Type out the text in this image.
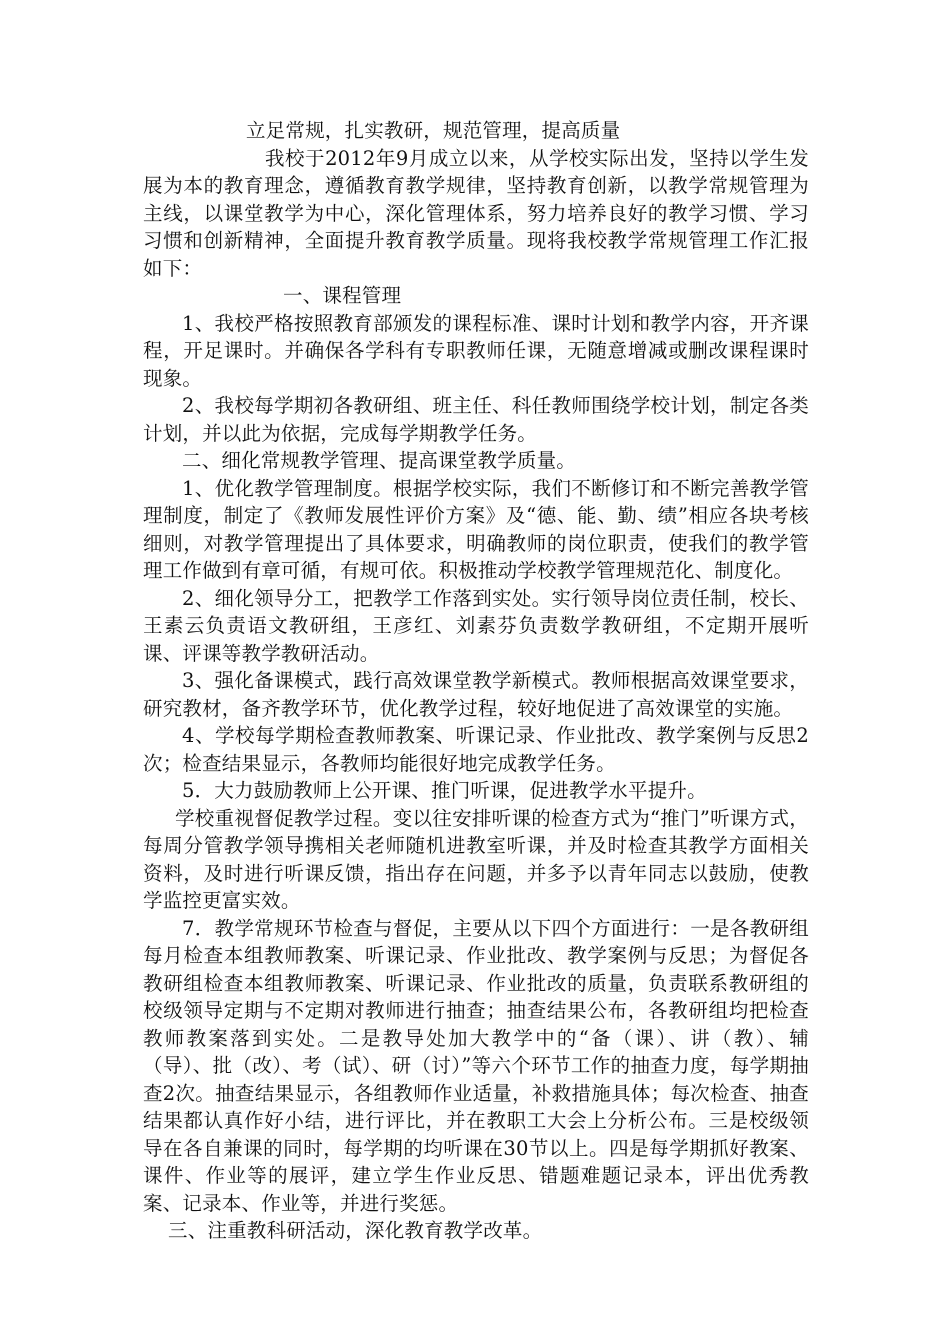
立足常规，扎实教研，规范管理，提高质量

我校于2012年9月成立以来，从学校实际出发，坚持以学生发展为本的教育理念，遵循教育教学规律，坚持教育创新，以教学常规管理为主线，以课堂教学为中心，深化管理体系，努力培养良好的教学习惯、学习习惯和创新精神，全面提升教育教学质量。现将我校教学常规管理工作汇报如下：

一、课程管理

1、我校严格按照教育部颁发的课程标准、课时计划和教学内容，开齐课程，开足课时。并确保各学科有专职教师任课，无随意增减或删改课程课时现象。

2、我校每学期初各教研组、班主任、科任教师围绕学校计划，制定各类计划，并以此为依据，完成每学期教学任务。

二、细化常规教学管理、提高课堂教学质量。

1、优化教学管理制度。根据学校实际，我们不断修订和不断完善教学管理制度，制定了《教师发展性评价方案》及“德、能、勤、绩”相应各块考核细则，对教学管理提出了具体要求，明确教师的岗位职责，使我们的教学管理工作做到有章可循，有规可依。积极推动学校教学管理规范化、制度化。

2、细化领导分工，把教学工作落到实处。实行领导岗位责任制，校长、王素云负责语文教研组，王彦红、刘素芬负责数学教研组，不定期开展听课、评课等教学教研活动。

3、强化备课模式，践行高效课堂教学新模式。教师根据高效课堂要求，研究教材，备齐教学环节，优化教学过程，较好地促进了高效课堂的实施。

4、学校每学期检查教师教案、听课记录、作业批改、教学案例与反思2次；检查结果显示，各教师均能很好地完成教学任务。

5．大力鼓励教师上公开课、推门听课，促进教学水平提升。

学校重视督促教学过程。变以往安排听课的检查方式为“推门”听课方式，每周分管教学领导携相关老师随机进教室听课，并及时检查其教学方面相关资料，及时进行听课反馈，指出存在问题，并多予以青年同志以鼓励，使教学监控更富实效。

7．教学常规环节检查与督促，主要从以下四个方面进行：一是各教研组每月检查本组教师教案、听课记录、作业批改、教学案例与反思；为督促各教研组检查本组教师教案、听课记录、作业批改的质量，负责联系教研组的校级领导定期与不定期对教师进行抽查；抽查结果公布，各教研组均把检查教师教案落到实处。二是教导处加大教学中的“备（课）、讲（教）、辅（导）、批（改）、考（试）、研（讨）”等六个环节工作的抽查力度，每学期抽查2次。抽查结果显示，各组教师作业适量，补救措施具体；每次检查、抽查结果都认真作好小结，进行评比，并在教职工大会上分析公布。三是校级领导在各自兼课的同时，每学期的均听课在30节以上。四是每学期抓好教案、课件、作业等的展评，建立学生作业反思、错题难题记录本，评出优秀教案、记录本、作业等，并进行奖惩。

三、注重教科研活动，深化教育教学改革。
